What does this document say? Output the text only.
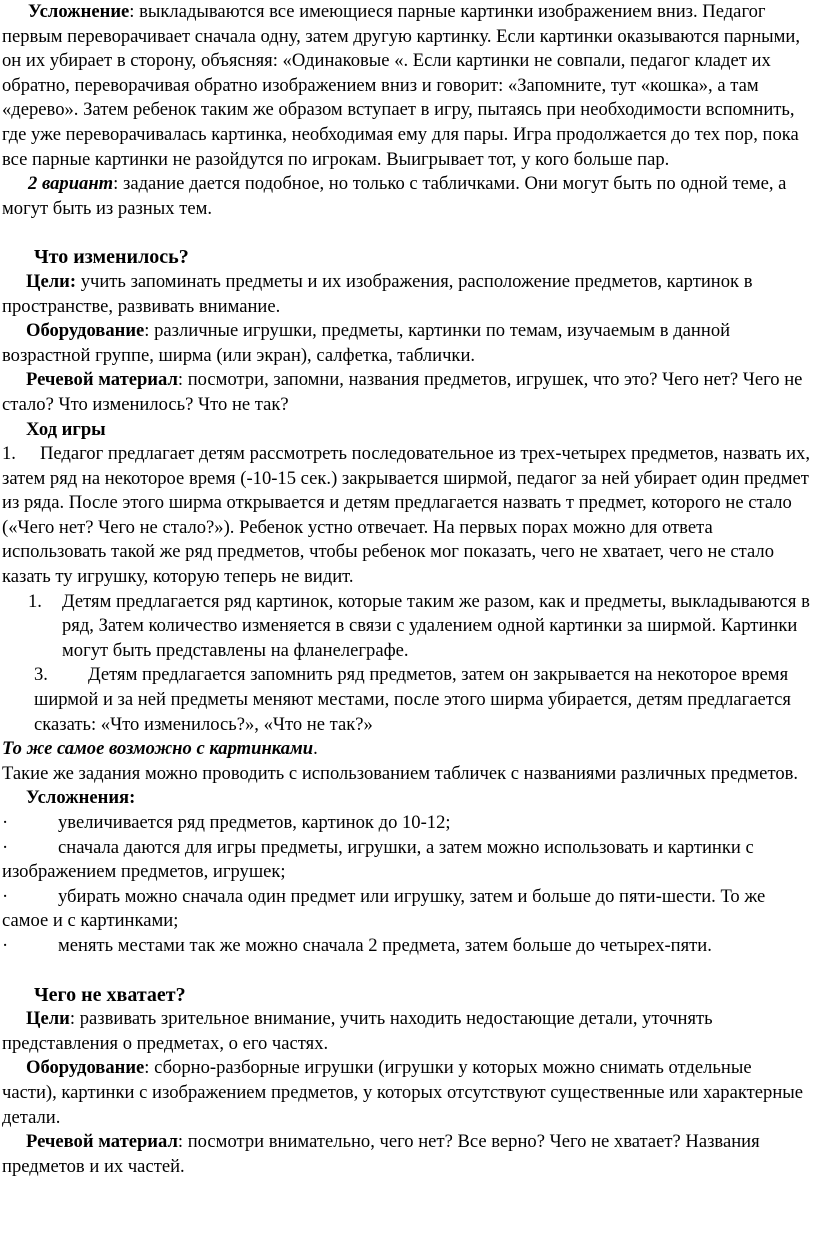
Усложнение: выкладываются все имеющиеся парные картинки изображением вниз. Педагог первым переворачивает сначала одну, затем другую картинку. Если картинки оказываются парными, он их убирает в сторону, объясняя: «Одинаковые «. Если картинки не совпали, педагог кладет их обратно, переворачивая обратно изображением вниз и говорит: «Запомните, тут «кошка», а там «дерево». Затем ребенок таким же образом вступает в игру, пытаясь при необходимости вспомнить, где уже переворачивалась картинка, необходимая ему для пары. Игра продолжается до тех пор, пока все парные картинки не разойдутся по игрокам. Выигрывает тот, у кого больше пар.

2 вариант: задание дается подобное, но только с табличками. Они могут быть по одной теме, а могут быть из разных тем.

Что изменилось?

Цели: учить запоминать предметы и их изображения, расположение предметов, картинок в пространстве, развивать внимание.

Оборудование: различные игрушки, предметы, картинки по темам, изучаемым в данной возрастной группе, ширма (или экран), салфетка, таблички.

Речевой материал: посмотри, запомни, названия предметов, игрушек, что это? Чего нет? Чего не стало? Что изменилось? Что не так?

Ход игры

1. Педагог предлагает детям рассмотреть последовательное из трех-четырех предметов, назвать их, затем ряд на некоторое время (-10-15 сек.) закрывается ширмой, педагог за ней убирает один предмет из ряда. После этого ширма открывается и детям предлагается назвать т предмет, которого не стало («Чего нет? Чего не стало?»). Ребенок устно отвечает. На первых порах можно для ответа использовать такой же ряд предметов, чтобы ребенок мог показать, чего не хватает, чего не стало казать ту игрушку, которую теперь не видит.

1.	Детям предлагается ряд картинок, которые таким же разом, как и предметы, выкладываются в ряд, Затем количество изменяется в связи с удалением одной картинки за ширмой. Картинки могут быть представлены на фланелеграфе.

3. Детям предлагается запомнить ряд предметов, затем он закрывается на некоторое время ширмой и за ней предметы меняют местами, после этого ширма убирается, детям предлагается сказать: «Что изменилось?», «Что не так?»

То же самое возможно с картинками.

Такие же задания можно проводить с использованием табличек с названиями различных предметов.

Усложнения:

·	увеличивается ряд предметов, картинок до 10-12;

·	сначала даются для игры предметы, игрушки, а затем можно использовать и картинки с изображением предметов, игрушек;

·	убирать можно сначала один предмет или игрушку, затем и больше до пяти-шести. То же самое и с картинками;

·	менять местами так же можно сначала 2 предмета, затем больше до четырех-пяти.

Чего не хватает?

Цели: развивать зрительное внимание, учить находить недостающие детали, уточнять представления о предметах, о его частях.

Оборудование: сборно-разборные игрушки (игрушки у которых можно снимать отдельные части), картинки с изображением предметов, у которых отсутствуют существенные или характерные детали.

Речевой материал: посмотри внимательно, чего нет? Все верно? Чего не хватает? Названия предметов и их частей.
